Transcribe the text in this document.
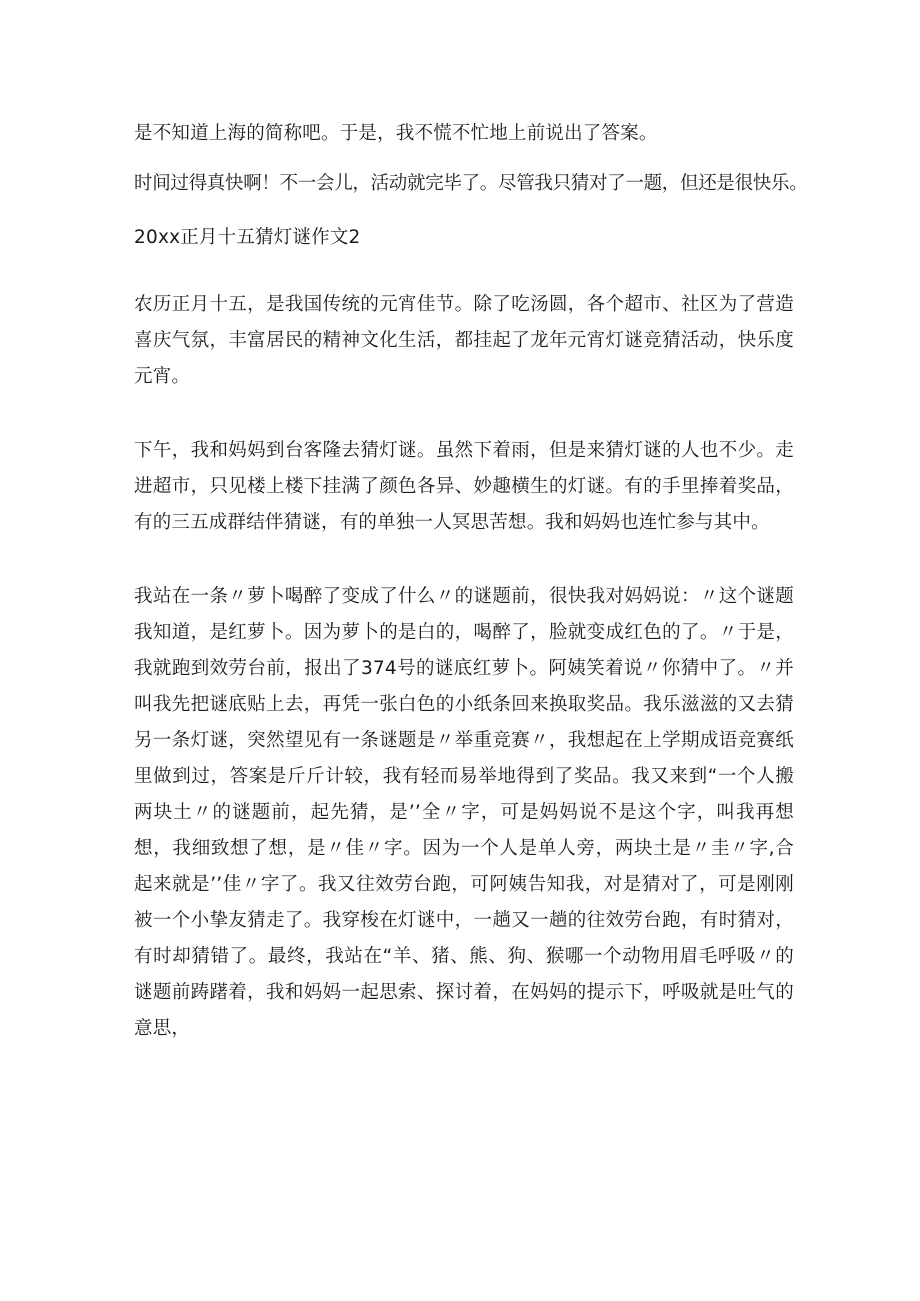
是不知道上海的简称吧。于是，我不慌不忙地上前说出了答案。

时间过得真快啊！不一会儿，活动就完毕了。尽管我只猜对了一题，但还是很快乐。

20xx正月十五猜灯谜作文2

农历正月十五，是我国传统的元宵佳节。除了吃汤圆，各个超市、社区为了营造喜庆气氛，丰富居民的精神文化生活，都挂起了龙年元宵灯谜竞猜活动，快乐度元宵。

下午，我和妈妈到台客隆去猜灯谜。虽然下着雨，但是来猜灯谜的人也不少。走进超市，只见楼上楼下挂满了颜色各异、妙趣横生的灯谜。有的手里捧着奖品，有的三五成群结伴猜谜，有的单独一人冥思苦想。我和妈妈也连忙参与其中。

我站在一条〃萝卜喝醉了变成了什么〃的谜题前，很快我对妈妈说：〃这个谜题我知道，是红萝卜。因为萝卜的是白的，喝醉了，脸就变成红色的了。〃于是，我就跑到效劳台前，报出了374号的谜底红萝卜。阿姨笑着说〃你猜中了。〃并叫我先把谜底贴上去，再凭一张白色的小纸条回来换取奖品。我乐滋滋的又去猜另一条灯谜，突然望见有一条谜题是〃举重竞赛〃，我想起在上学期成语竞赛纸里做到过，答案是斤斤计较，我有轻而易举地得到了奖品。我又来到“一个人搬两块土〃的谜题前，起先猜，是’’全〃字，可是妈妈说不是这个字，叫我再想想，我细致想了想，是〃佳〃字。因为一个人是单人旁，两块土是〃圭〃字,合起来就是’’佳〃字了。我又往效劳台跑，可阿姨告知我，对是猜对了，可是刚刚被一个小挚友猜走了。我穿梭在灯谜中，一趟又一趟的往效劳台跑，有时猜对，有时却猜错了。最终，我站在“羊、猪、熊、狗、猴哪一个动物用眉毛呼吸〃的谜题前踌躇着，我和妈妈一起思索、探讨着，在妈妈的提示下，呼吸就是吐气的意思，
